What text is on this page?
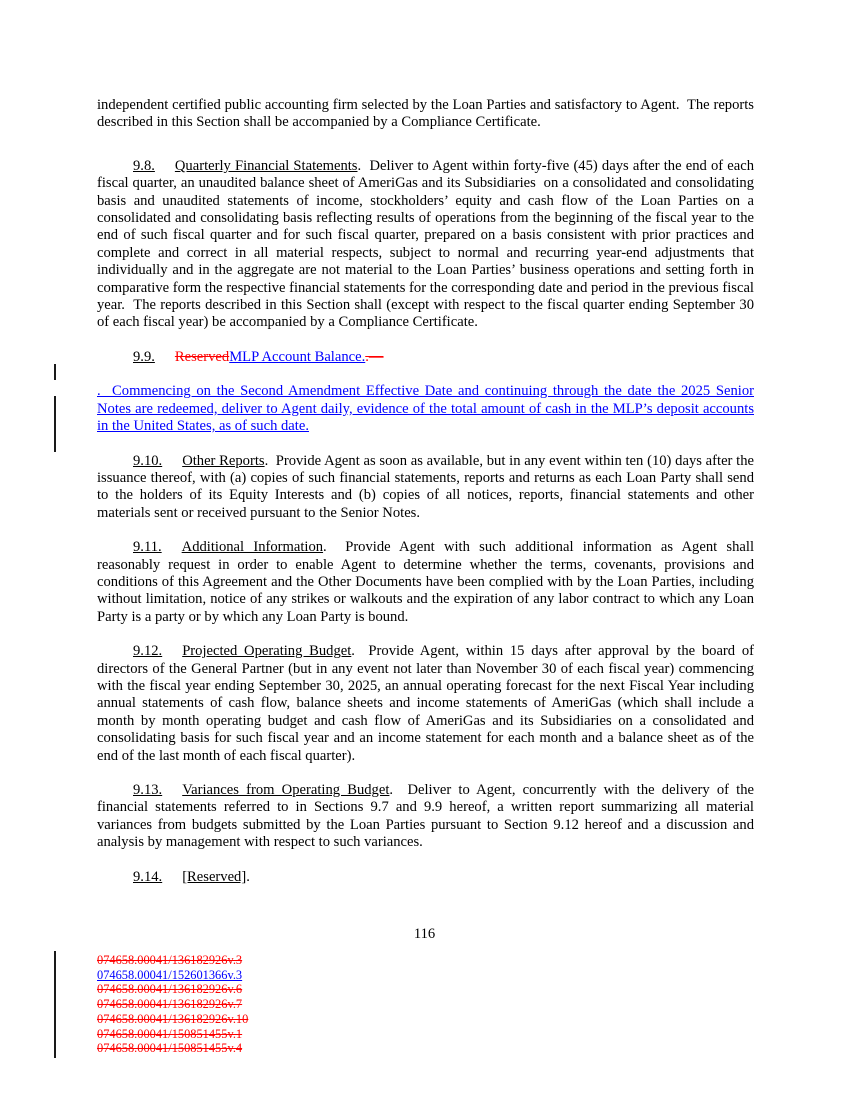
independent certified public accounting firm selected by the Loan Parties and satisfactory to Agent.  The reports described in this Section shall be accompanied by a Compliance Certificate.

9.8. Quarterly Financial Statements.  Deliver to Agent within forty-five (45) days after the end of each fiscal quarter, an unaudited balance sheet of AmeriGas and its Subsidiaries  on a consolidated and consolidating basis and unaudited statements of income, stockholders’ equity and cash flow of the Loan Parties on a consolidated and consolidating basis reflecting results of operations from the beginning of the fiscal year to the end of such fiscal quarter and for such fiscal quarter, prepared on a basis consistent with prior practices and complete and correct in all material respects, subject to normal and recurring year-end adjustments that individually and in the aggregate are not material to the Loan Parties’ business operations and setting forth in comparative form the respective financial statements for the corresponding date and period in the previous fiscal year.  The reports described in this Section shall (except with respect to the fiscal quarter ending September 30 of each fiscal year) be accompanied by a Compliance Certificate.

9.9. ReservedMLP Account Balance..—

.  Commencing on the Second Amendment Effective Date and continuing through the date the 2025 Senior Notes are redeemed, deliver to Agent daily, evidence of the total amount of cash in the MLP’s deposit accounts in the United States, as of such date.

9.10. Other Reports.  Provide Agent as soon as available, but in any event within ten (10) days after the issuance thereof, with (a) copies of such financial statements, reports and returns as each Loan Party shall send to the holders of its Equity Interests and (b) copies of all notices, reports, financial statements and other materials sent or received pursuant to the Senior Notes.

9.11. Additional Information.  Provide Agent with such additional information as Agent shall reasonably request in order to enable Agent to determine whether the terms, covenants, provisions and conditions of this Agreement and the Other Documents have been complied with by the Loan Parties, including without limitation, notice of any strikes or walkouts and the expiration of any labor contract to which any Loan Party is a party or by which any Loan Party is bound.

9.12. Projected Operating Budget.  Provide Agent, within 15 days after approval by the board of directors of the General Partner (but in any event not later than November 30 of each fiscal year) commencing with the fiscal year ending September 30, 2025, an annual operating forecast for the next Fiscal Year including annual statements of cash flow, balance sheets and income statements of AmeriGas (which shall include a month by month operating budget and cash flow of AmeriGas and its Subsidiaries on a consolidated and consolidating basis for such fiscal year and an income statement for each month and a balance sheet as of the end of the last month of each fiscal quarter).

9.13. Variances from Operating Budget.  Deliver to Agent, concurrently with the delivery of the financial statements referred to in Sections 9.7 and 9.9 hereof, a written report summarizing all material variances from budgets submitted by the Loan Parties pursuant to Section 9.12 hereof and a discussion and analysis by management with respect to such variances.

9.14. [Reserved].

116
074658.00041/136182926v.3
074658.00041/152601366v.3
074658.00041/136182926v.6
074658.00041/136182926v.7
074658.00041/136182926v.10
074658.00041/150851455v.1
074658.00041/150851455v.4
